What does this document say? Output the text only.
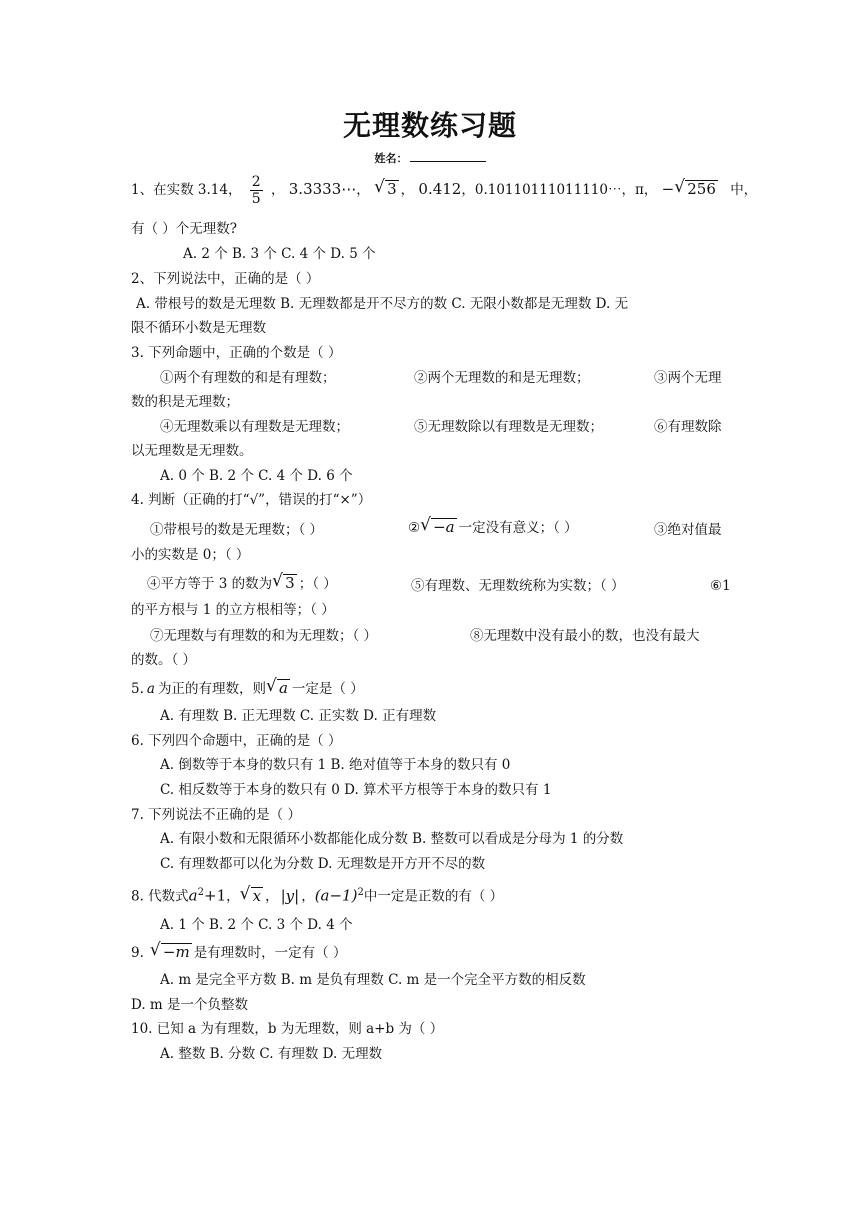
无理数练习题
姓名：
1、在实数 3.14， $\frac{2}{5}$ ， 3.3333⋯， √ 3 ， 0.412，0.10110111011110⋯，π， − √ 256 中，
有（ ）个无理数?
A. 2 个 B. 3 个 C. 4 个 D. 5 个
2、下列说法中，正确的是（ ）
A. 带根号的数是无理数 B. 无理数都是开不尽方的数 C. 无限小数都是无理数 D. 无
限不循环小数是无理数
3. 下列命题中，正确的个数是（ ）
①两个有理数的和是有理数；	②两个无理数的和是无理数；	③两个无理
数的积是无理数；
④无理数乘以有理数是无理数；	⑤无理数除以有理数是无理数；	⑥有理数除
以无理数是无理数。
A. 0 个 B. 2 个 C. 4 个 D. 6 个
4. 判断（正确的打“√”，错误的打“×”）
①带根号的数是无理数；（ ）	② √ −a 一定没有意义；（ ）	③绝对值最
小的实数是 0；（ ）
④平方等于 3 的数为 √ 3 ；（ ）	⑤有理数、无理数统称为实数；（ ）	⑥1
的平方根与 1 的立方根相等；（ ）
⑦无理数与有理数的和为无理数；（ ）	⑧无理数中没有最小的数，也没有最大
的数。（ ）
5. a 为正的有理数，则 √ a 一定是（ ）
A. 有理数 B. 正无理数 C. 正实数 D. 正有理数
6. 下列四个命题中，正确的是（ ）
A. 倒数等于本身的数只有 1 B. 绝对值等于本身的数只有 0
C. 相反数等于本身的数只有 0 D. 算术平方根等于本身的数只有 1
7. 下列说法不正确的是（ ）
A. 有限小数和无限循环小数都能化成分数 B. 整数可以看成是分母为 1 的分数
C. 有理数都可以化为分数 D. 无理数是开方开不尽的数
8. 代数式$a^2+1$， √ x ， |y| ，$(a-1)^2$中一定是正数的有（ ）
A. 1 个 B. 2 个 C. 3 个 D. 4 个
9. √ −m 是有理数时，一定有（ ）
A. m 是完全平方数 B. m 是负有理数 C. m 是一个完全平方数的相反数
D. m 是一个负整数
10. 已知 a 为有理数，b 为无理数，则 a+b 为（ ）
A. 整数 B. 分数 C. 有理数 D. 无理数
